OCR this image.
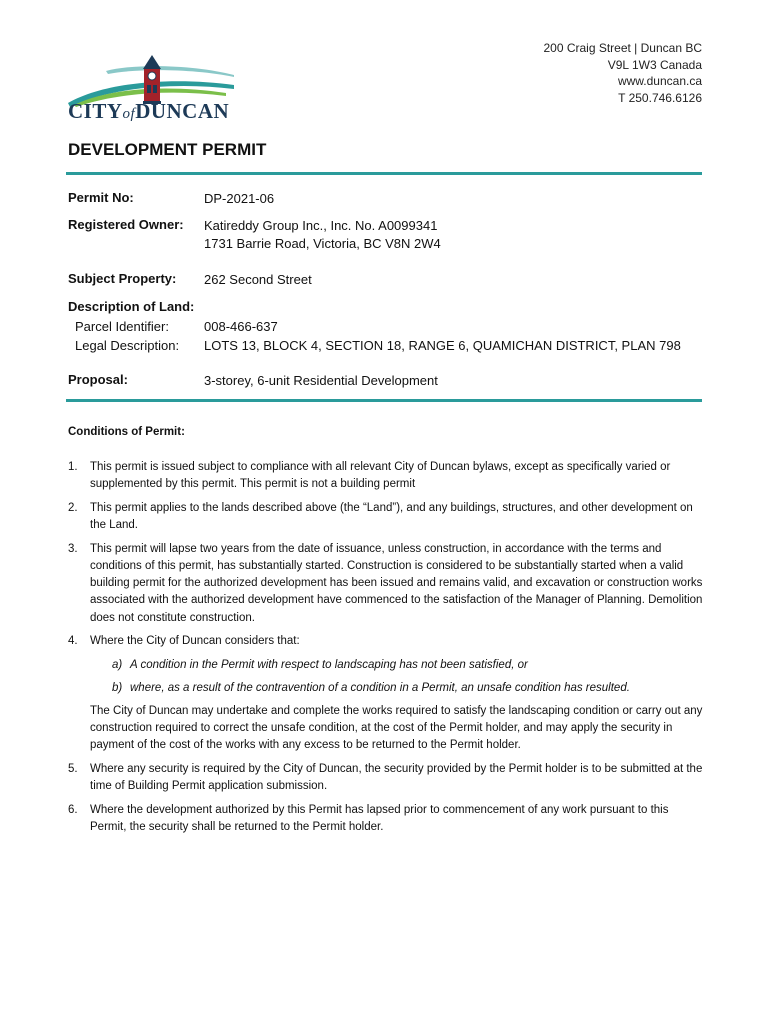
CITYofDUNCAN
200 Craig Street | Duncan BC
V9L 1W3 Canada
www.duncan.ca
T 250.746.6126
DEVELOPMENT PERMIT
Permit No:	DP-2021-06
Registered Owner: Katireddy Group Inc., Inc. No. A0099341
1731 Barrie Road, Victoria, BC V8N 2W4
Subject Property: 262 Second Street
Description of Land:
Parcel Identifier:	008-466-637
Legal Description: LOTS 13, BLOCK 4, SECTION 18, RANGE 6, QUAMICHAN DISTRICT, PLAN 798
Proposal:	3-storey, 6-unit Residential Development
Conditions of Permit:
1. This permit is issued subject to compliance with all relevant City of Duncan bylaws, except as specifically varied or supplemented by this permit. This permit is not a building permit
2. This permit applies to the lands described above (the “Land”), and any buildings, structures, and other development on the Land.
3. This permit will lapse two years from the date of issuance, unless construction, in accordance with the terms and conditions of this permit, has substantially started. Construction is considered to be substantially started when a valid building permit for the authorized development has been issued and remains valid, and excavation or construction works associated with the authorized development have commenced to the satisfaction of the Manager of Planning. Demolition does not constitute construction.
4. Where the City of Duncan considers that:
a) A condition in the Permit with respect to landscaping has not been satisfied, or
b) where, as a result of the contravention of a condition in a Permit, an unsafe condition has resulted.
The City of Duncan may undertake and complete the works required to satisfy the landscaping condition or carry out any construction required to correct the unsafe condition, at the cost of the Permit holder, and may apply the security in payment of the cost of the works with any excess to be returned to the Permit holder.
5. Where any security is required by the City of Duncan, the security provided by the Permit holder is to be submitted at the time of Building Permit application submission.
6. Where the development authorized by this Permit has lapsed prior to commencement of any work pursuant to this Permit, the security shall be returned to the Permit holder.
